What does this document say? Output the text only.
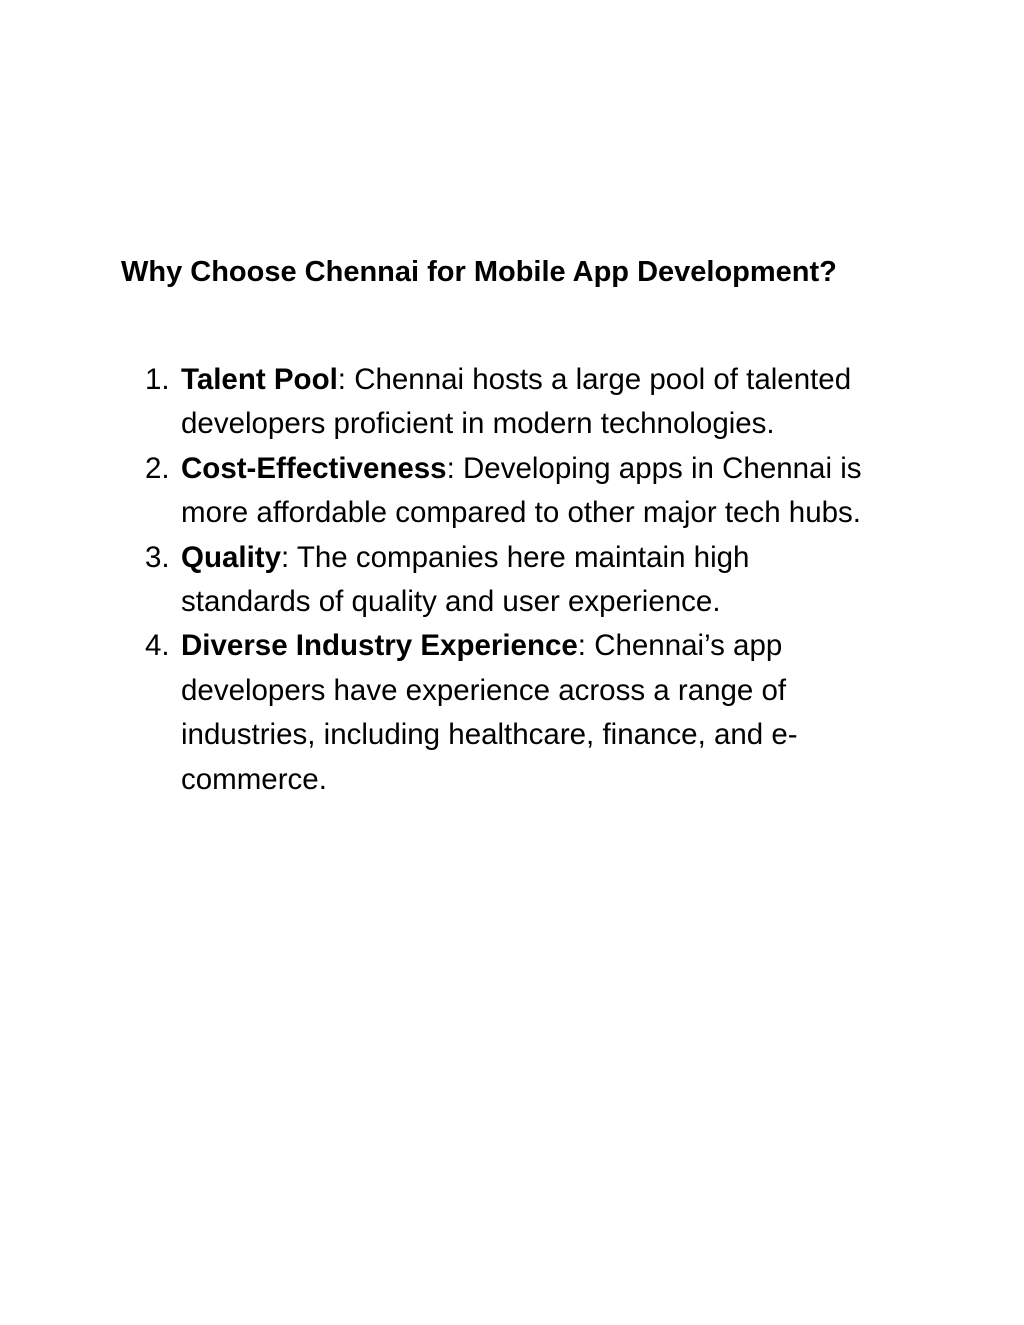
Why Choose Chennai for Mobile App Development?
1. Talent Pool: Chennai hosts a large pool of talented developers proficient in modern technologies.
2. Cost-Effectiveness: Developing apps in Chennai is more affordable compared to other major tech hubs.
3. Quality: The companies here maintain high standards of quality and user experience.
4. Diverse Industry Experience: Chennai’s app developers have experience across a range of industries, including healthcare, finance, and e-commerce.
